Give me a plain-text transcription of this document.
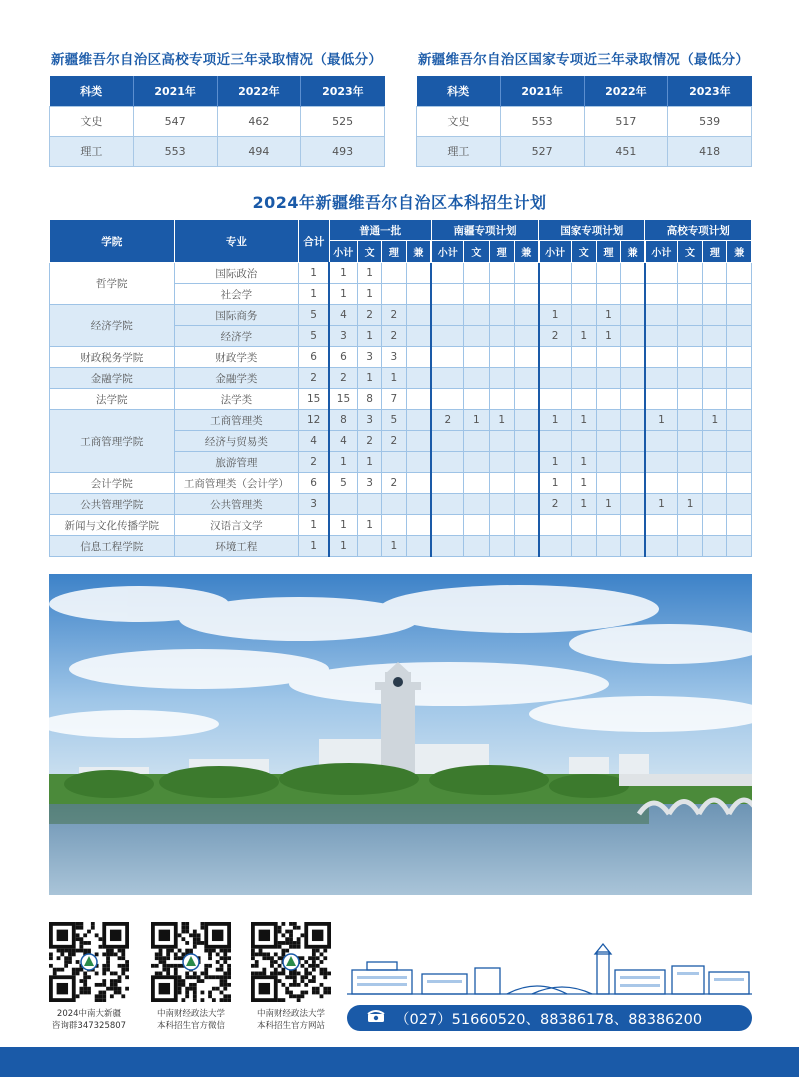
新疆维吾尔自治区高校专项近三年录取情况（最低分）
科类	2021年	2022年	2023年
文史	547	462	525
理工	553	494	493
新疆维吾尔自治区国家专项近三年录取情况（最低分）
科类	2021年	2022年	2023年
文史	553	517	539
理工	527	451	418
2024年新疆维吾尔自治区本科招生计划
学院	专业	合计	普通一批				南疆专项计划				国家专项计划				高校专项计划			
			小计	文	理	兼	小计	文	理	兼	小计	文	理	兼	小计	文	理	兼
哲学院	国际政治	1	1	1														
	社会学	1	1	1														
经济学院	国际商务	5	4	2	2						1		1					
	经济学	5	3	1	2						2	1	1					
财政税务学院	财政学类	6	6	3	3													
金融学院	金融学类	2	2	1	1													
法学院	法学类	15	15	8	7													
工商管理学院	工商管理类	12	8	3	5		2	1	1		1	1			1		1	
	经济与贸易类	4	4	2	2													
	旅游管理	2	1	1							1	1						
会计学院	工商管理类（会计学）	6	5	3	2						1	1						
公共管理学院	公共管理类	3									2	1	1		1	1		
新闻与文化传播学院	汉语言文学	1	1	1														
信息工程学院	环境工程	1	1		1													
2024中南大新疆
咨询群347325807
中南财经政法大学
本科招生官方微信
中南财经政法大学
本科招生官方网站	（027）51660520、88386178、88386200
